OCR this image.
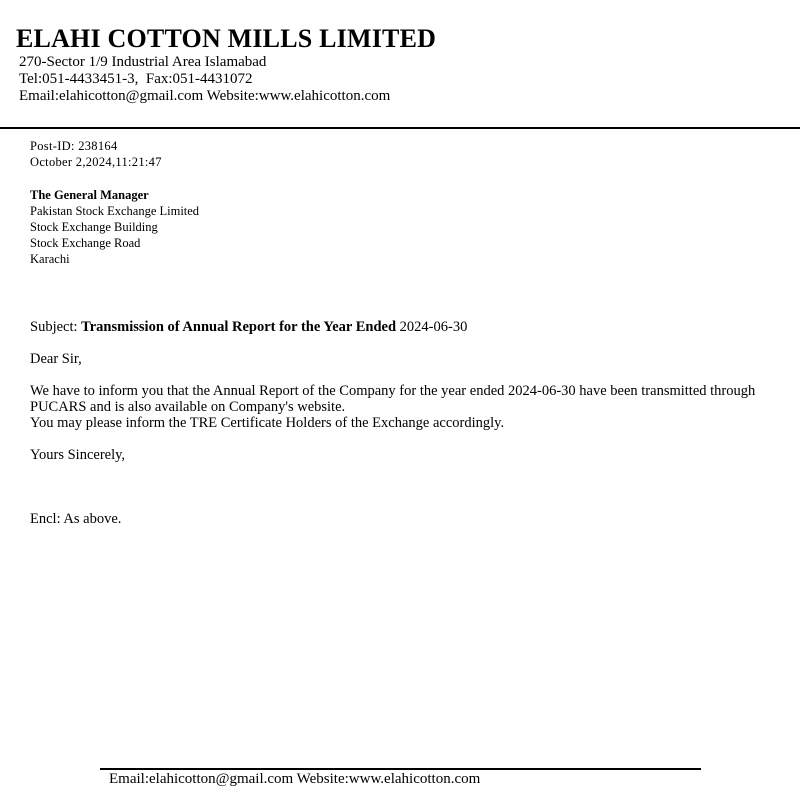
ELAHI COTTON MILLS LIMITED
270-Sector 1/9 Industrial Area Islamabad
Tel:051-4433451-3,  Fax:051-4431072
Email:elahicotton@gmail.com Website:www.elahicotton.com
Post-ID: 238164
October 2,2024,11:21:47
The General Manager
Pakistan Stock Exchange Limited
Stock Exchange Building
Stock Exchange Road
Karachi
Subject: Transmission of Annual Report for the Year Ended 2024-06-30
Dear Sir,
We have to inform you that the Annual Report of the Company for the year ended 2024-06-30 have been transmitted through
PUCARS and is also available on Company's website.
You may please inform the TRE Certificate Holders of the Exchange accordingly.
Yours Sincerely,
Encl: As above.
Email:elahicotton@gmail.com Website:www.elahicotton.com
